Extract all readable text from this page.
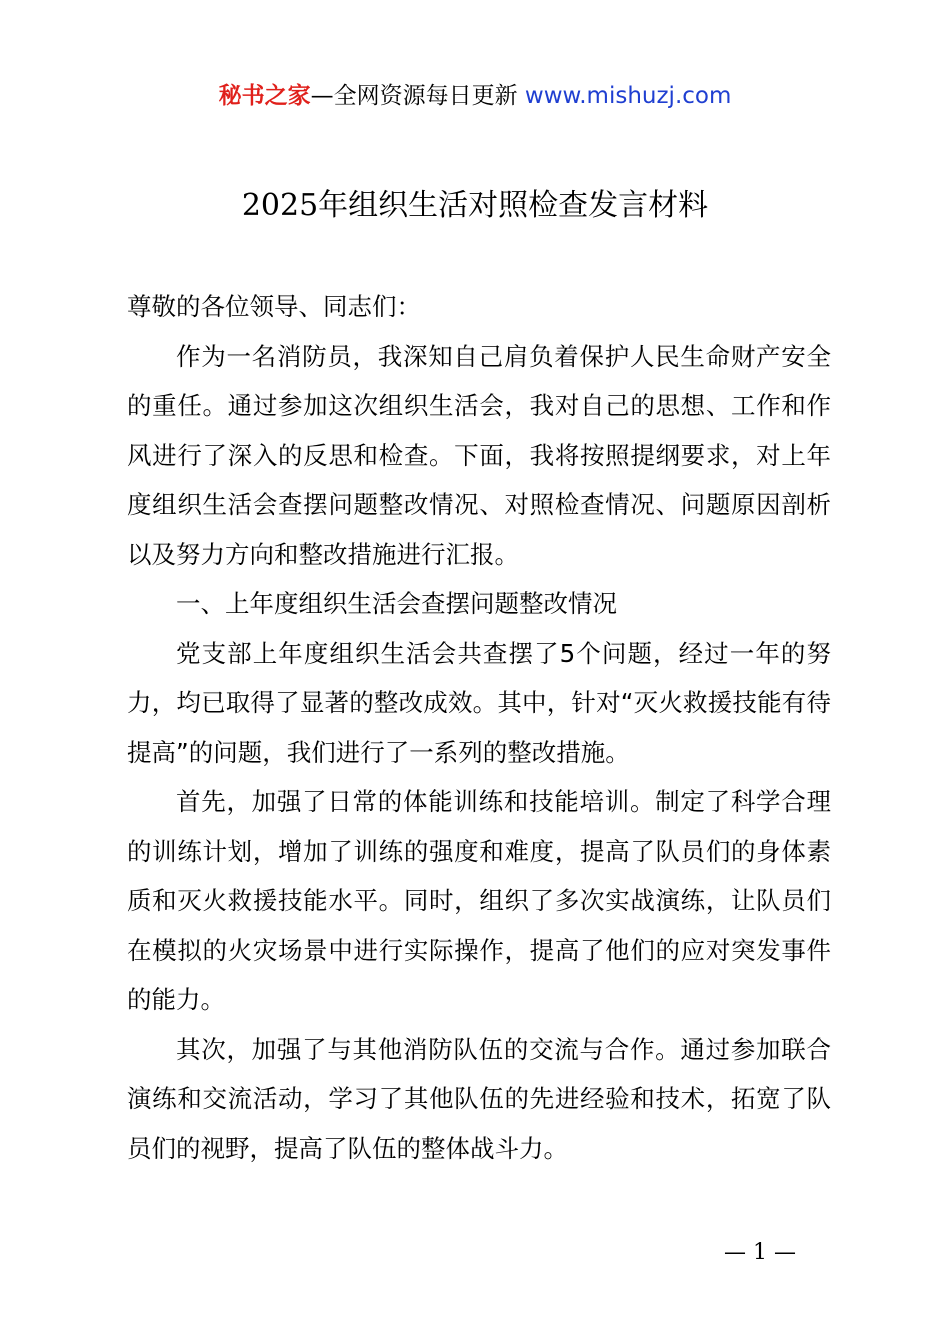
秘书之家—全网资源每日更新 www.mishuzj.com
2025年组织生活对照检查发言材料

尊敬的各位领导、同志们：

作为一名消防员，我深知自己肩负着保护人民生命财产安全的重任。通过参加这次组织生活会，我对自己的思想、工作和作风进行了深入的反思和检查。下面，我将按照提纲要求，对上年度组织生活会查摆问题整改情况、对照检查情况、问题原因剖析以及努力方向和整改措施进行汇报。

一、上年度组织生活会查摆问题整改情况

党支部上年度组织生活会共查摆了5个问题，经过一年的努力，均已取得了显著的整改成效。其中，针对“灭火救援技能有待提高”的问题，我们进行了一系列的整改措施。

首先，加强了日常的体能训练和技能培训。制定了科学合理的训练计划，增加了训练的强度和难度，提高了队员们的身体素质和灭火救援技能水平。同时，组织了多次实战演练，让队员们在模拟的火灾场景中进行实际操作，提高了他们的应对突发事件的能力。

其次，加强了与其他消防队伍的交流与合作。通过参加联合演练和交流活动，学习了其他队伍的先进经验和技术，拓宽了队员们的视野，提高了队伍的整体战斗力。

— 1 —
